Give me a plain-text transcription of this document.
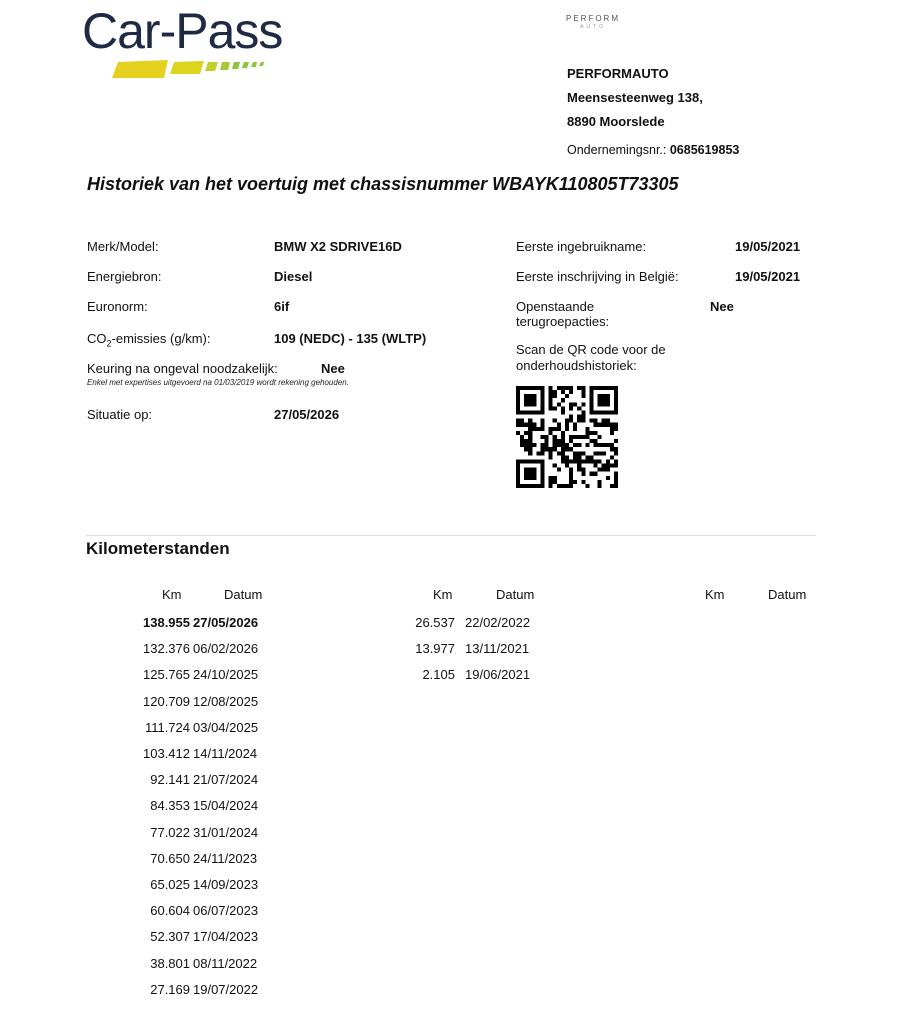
Car-Pass	PERFORM
AUTO
PERFORMAUTO
Meensesteenweg 138,
8890 Moorslede
Ondernemingsnr.: 0685619853
Historiek van het voertuig met chassisnummer WBAYK110805T73305
Merk/Model:	BMW X2 SDRIVE16D
Energiebron:	Diesel
Euronorm:	6if
$CO_2$-emissies (g/km):	109 (NEDC) - 135 (WLTP)
Keuring na ongeval noodzakelijk:	Nee
Enkel met expertises uitgevoerd na 01/03/2019 wordt rekening gehouden.
Situatie op:	27/05/2026
Eerste ingebruikname:	19/05/2021
Eerste inschrijving in België:	19/05/2021
Openstaande
terugroepacties:
Nee
Scan de QR code voor de
onderhoudshistoriek:
Kilometerstanden
Km	Datum	Km	Datum	Km	Datum
138.955 27/05/2026
132.376 06/02/2026
125.765 24/10/2025
120.709 12/08/2025
111.724 03/04/2025
103.412 14/11/2024
92.141 21/07/2024
84.353 15/04/2024
77.022 31/01/2024
70.650 24/11/2023
65.025 14/09/2023
60.604 06/07/2023
52.307 17/04/2023
38.801 08/11/2022
27.169 19/07/2022
26.537 22/02/2022
13.977 13/11/2021
2.105 19/06/2021
